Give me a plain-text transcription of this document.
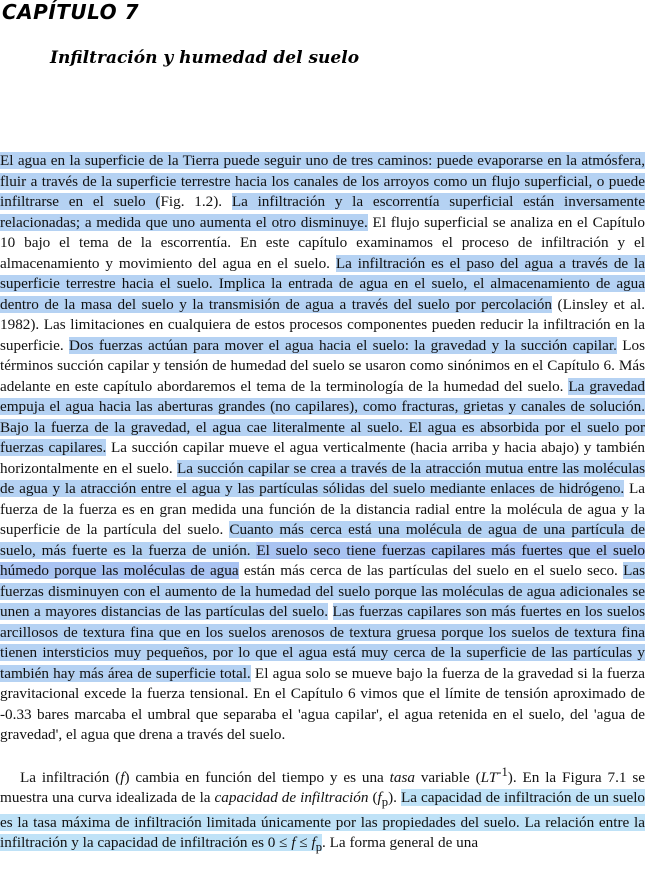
CAPÍTULO 7
Infiltración y humedad del suelo

El agua en la superficie de la Tierra puede seguir uno de tres caminos: puede evaporarse en la atmósfera, fluir a través de la superficie terrestre hacia los canales de los arroyos como un flujo superficial, o puede infiltrarse en el suelo (Fig. 1.2). La infiltración y la escorrentía superficial están inversamente relacionadas; a medida que uno aumenta el otro disminuye. El flujo superficial se analiza en el Capítulo 10 bajo el tema de la escorrentía. En este capítulo examinamos el proceso de infiltración y el almacenamiento y movimiento del agua en el suelo. La infiltración es el paso del agua a través de la superficie terrestre hacia el suelo. Implica la entrada de agua en el suelo, el almacenamiento de agua dentro de la masa del suelo y la transmisión de agua a través del suelo por percolación (Linsley et al. 1982). Las limitaciones en cualquiera de estos procesos componentes pueden reducir la infiltración en la superficie. Dos fuerzas actúan para mover el agua hacia el suelo: la gravedad y la succión capilar. Los términos succión capilar y tensión de humedad del suelo se usaron como sinónimos en el Capítulo 6. Más adelante en este capítulo abordaremos el tema de la terminología de la humedad del suelo. La gravedad empuja el agua hacia las aberturas grandes (no capilares), como fracturas, grietas y canales de solución. Bajo la fuerza de la gravedad, el agua cae literalmente al suelo. El agua es absorbida por el suelo por fuerzas capilares. La succión capilar mueve el agua verticalmente (hacia arriba y hacia abajo) y también horizontalmente en el suelo. La succión capilar se crea a través de la atracción mutua entre las moléculas de agua y la atracción entre el agua y las partículas sólidas del suelo mediante enlaces de hidrógeno. La fuerza de la fuerza es en gran medida una función de la distancia radial entre la molécula de agua y la superficie de la partícula del suelo. Cuanto más cerca está una molécula de agua de una partícula de suelo, más fuerte es la fuerza de unión. El suelo seco tiene fuerzas capilares más fuertes que el suelo húmedo porque las moléculas de agua están más cerca de las partículas del suelo en el suelo seco. Las fuerzas disminuyen con el aumento de la humedad del suelo porque las moléculas de agua adicionales se unen a mayores distancias de las partículas del suelo. Las fuerzas capilares son más fuertes en los suelos arcillosos de textura fina que en los suelos arenosos de textura gruesa porque los suelos de textura fina tienen intersticios muy pequeños, por lo que el agua está muy cerca de la superficie de las partículas y también hay más área de superficie total. El agua solo se mueve bajo la fuerza de la gravedad si la fuerza gravitacional excede la fuerza tensional. En el Capítulo 6 vimos que el límite de tensión aproximado de -0.33 bares marcaba el umbral que separaba el 'agua capilar', el agua retenida en el suelo, del 'agua de gravedad', el agua que drena a través del suelo.

La infiltración (f) cambia en función del tiempo y es una tasa variable $(LT^{-1})$. En la Figura 7.1 se muestra una curva idealizada de la capacidad de infiltración $(f_p)$. La capacidad de infiltración de un suelo es la tasa máxima de infiltración limitada únicamente por las propiedades del suelo. La relación entre la infiltración y la capacidad de infiltración es $0 \le f \le f_p$. La forma general de una
